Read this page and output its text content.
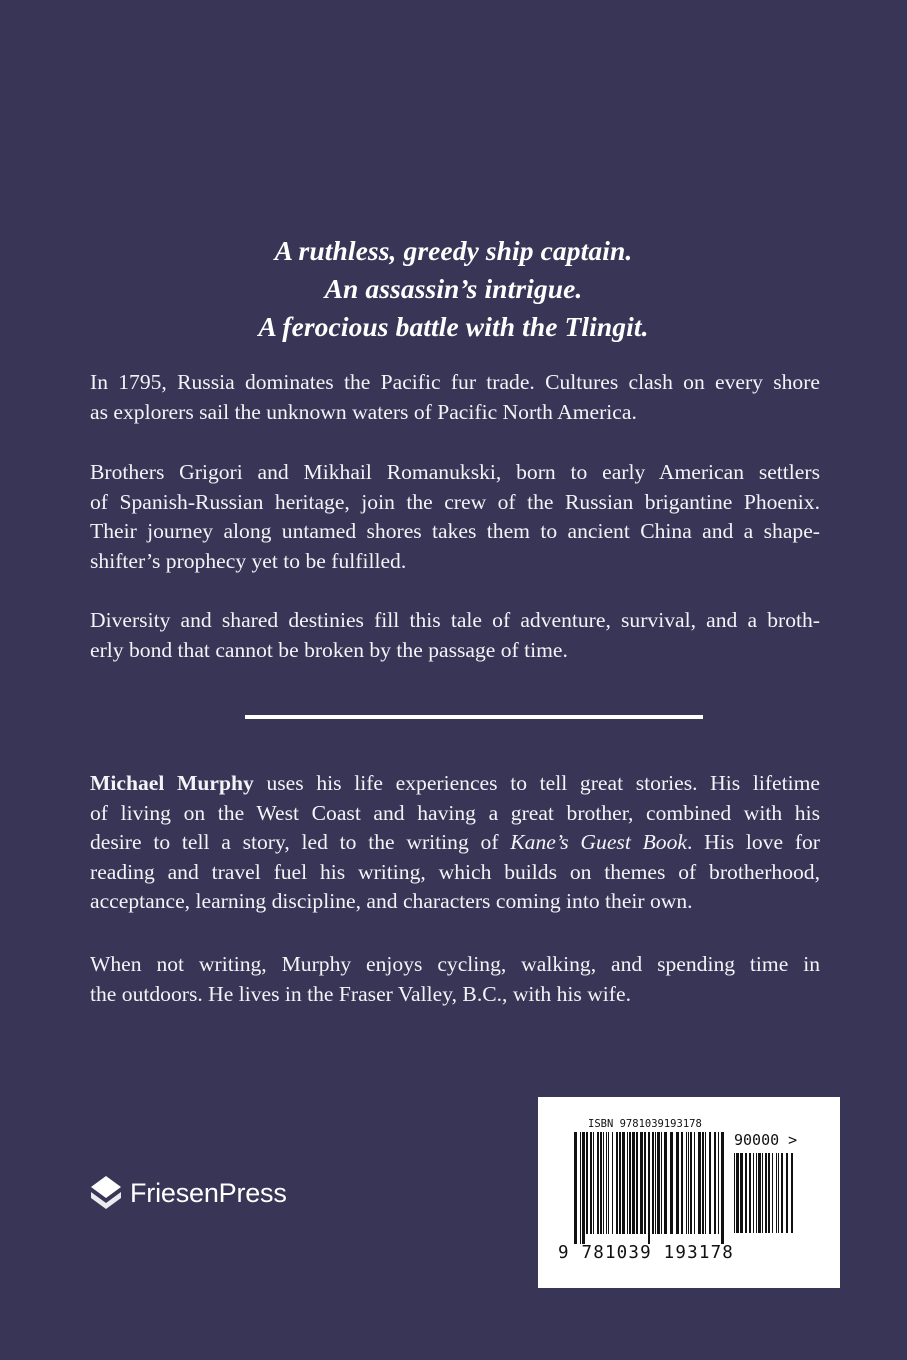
A ruthless, greedy ship captain.
An assassin’s intrigue.
A ferocious battle with the Tlingit.

In 1795, Russia dominates the Pacific fur trade. Cultures clash on every shore
as explorers sail the unknown waters of Pacific North America.

Brothers Grigori and Mikhail Romanukski, born to early American settlers
of Spanish-Russian heritage, join the crew of the Russian brigantine Phoenix.
Their journey along untamed shores takes them to ancient China and a shape-
shifter’s prophecy yet to be fulfilled.

Diversity and shared destinies fill this tale of adventure, survival, and a broth-
erly bond that cannot be broken by the passage of time.

Michael Murphy uses his life experiences to tell great stories. His lifetime
of living on the West Coast and having a great brother, combined with his
desire to tell a story, led to the writing of Kane’s Guest Book. His love for
reading and travel fuel his writing, which builds on themes of brotherhood,
acceptance, learning discipline, and characters coming into their own.

When not writing, Murphy enjoys cycling, walking, and spending time in
the outdoors. He lives in the Fraser Valley, B.C., with his wife.

FriesenPress
ISBN 9781039193178
90000 >
9 781039 193178
